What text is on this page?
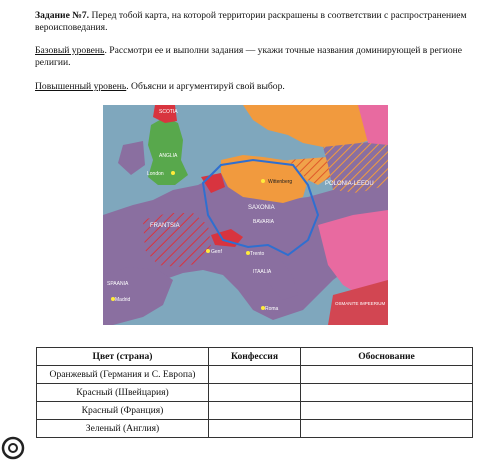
Задание №7. Перед тобой карта, на которой территории раскрашены в соответствии с распространением вероисповедания.
Базовый уровень. Рассмотри ее и выполни задания — укажи точные названия доминирующей в регионе религии.
Повышенный уровень. Объясни и аргументируй свой выбор.
ANGLIA
London
SCOTIA
Wittenberg	POLONIA-LEEDU
SAXONIA
BAVARIA
FRANTSIA
Genf	Trento
SPAANIA
Madrid
ITAALIA
Roma
OSMANITE IMPEERIUM
Цвет (страна)	Конфессия	Обоснование
Оранжевый (Германия и С. Европа)		
Красный (Швейцария)		
Красный (Франция)		
Зеленый (Англия)		
